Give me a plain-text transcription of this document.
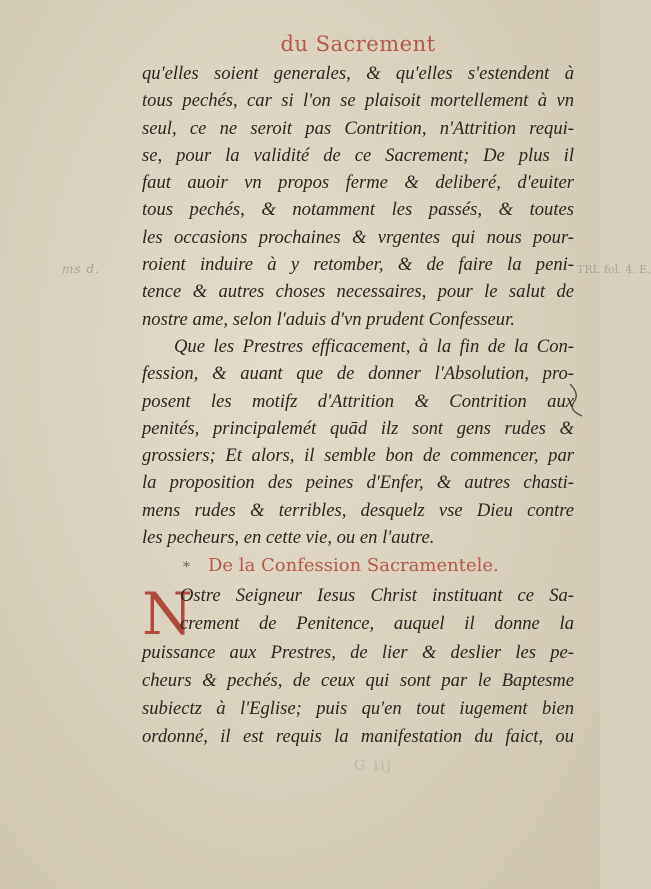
du Sacrement
ms d.	TRI. fol. 4. E.
qu'elles soient generales, & qu'elles s'estendent à
tous pechés, car si l'on se plaisoit mortellement à vn
seul, ce ne seroit pas Contrition, n'Attrition requi-
se, pour la validité de ce Sacrement; De plus il
faut auoir vn propos ferme & deliberé, d'euiter
tous pechés, & notamment les passés, & toutes
les occasions prochaines & vrgentes qui nous pour-
roient induire à y retomber, & de faire la peni-
tence & autres choses necessaires, pour le salut de
nostre ame, selon l'aduis d'vn prudent Confesseur.
Que les Prestres efficacement, à la fin de la Con-
fession, & auant que de donner l'Absolution, pro-
posent les motifz d'Attrition & Contrition aux
penités, principalemét quād ilz sont gens rudes &
grossiers; Et alors, il semble bon de commencer, par
la proposition des peines d'Enfer, & autres chasti-
mens rudes & terribles, desquelz vse Dieu contre
les pecheurs, en cette vie, ou en l'autre.
⁎ De la Confession Sacramentele.
N
Ostre Seigneur Iesus Christ instituant ce Sa-
crement de Penitence, auquel il donne la
puissance aux Prestres, de lier & deslier les pe-
cheurs & pechés, de ceux qui sont par le Baptesme
subiectz à l'Eglise; puis qu'en tout iugement bien
ordonné, il est requis la manifestation du faict, ou
G iij
